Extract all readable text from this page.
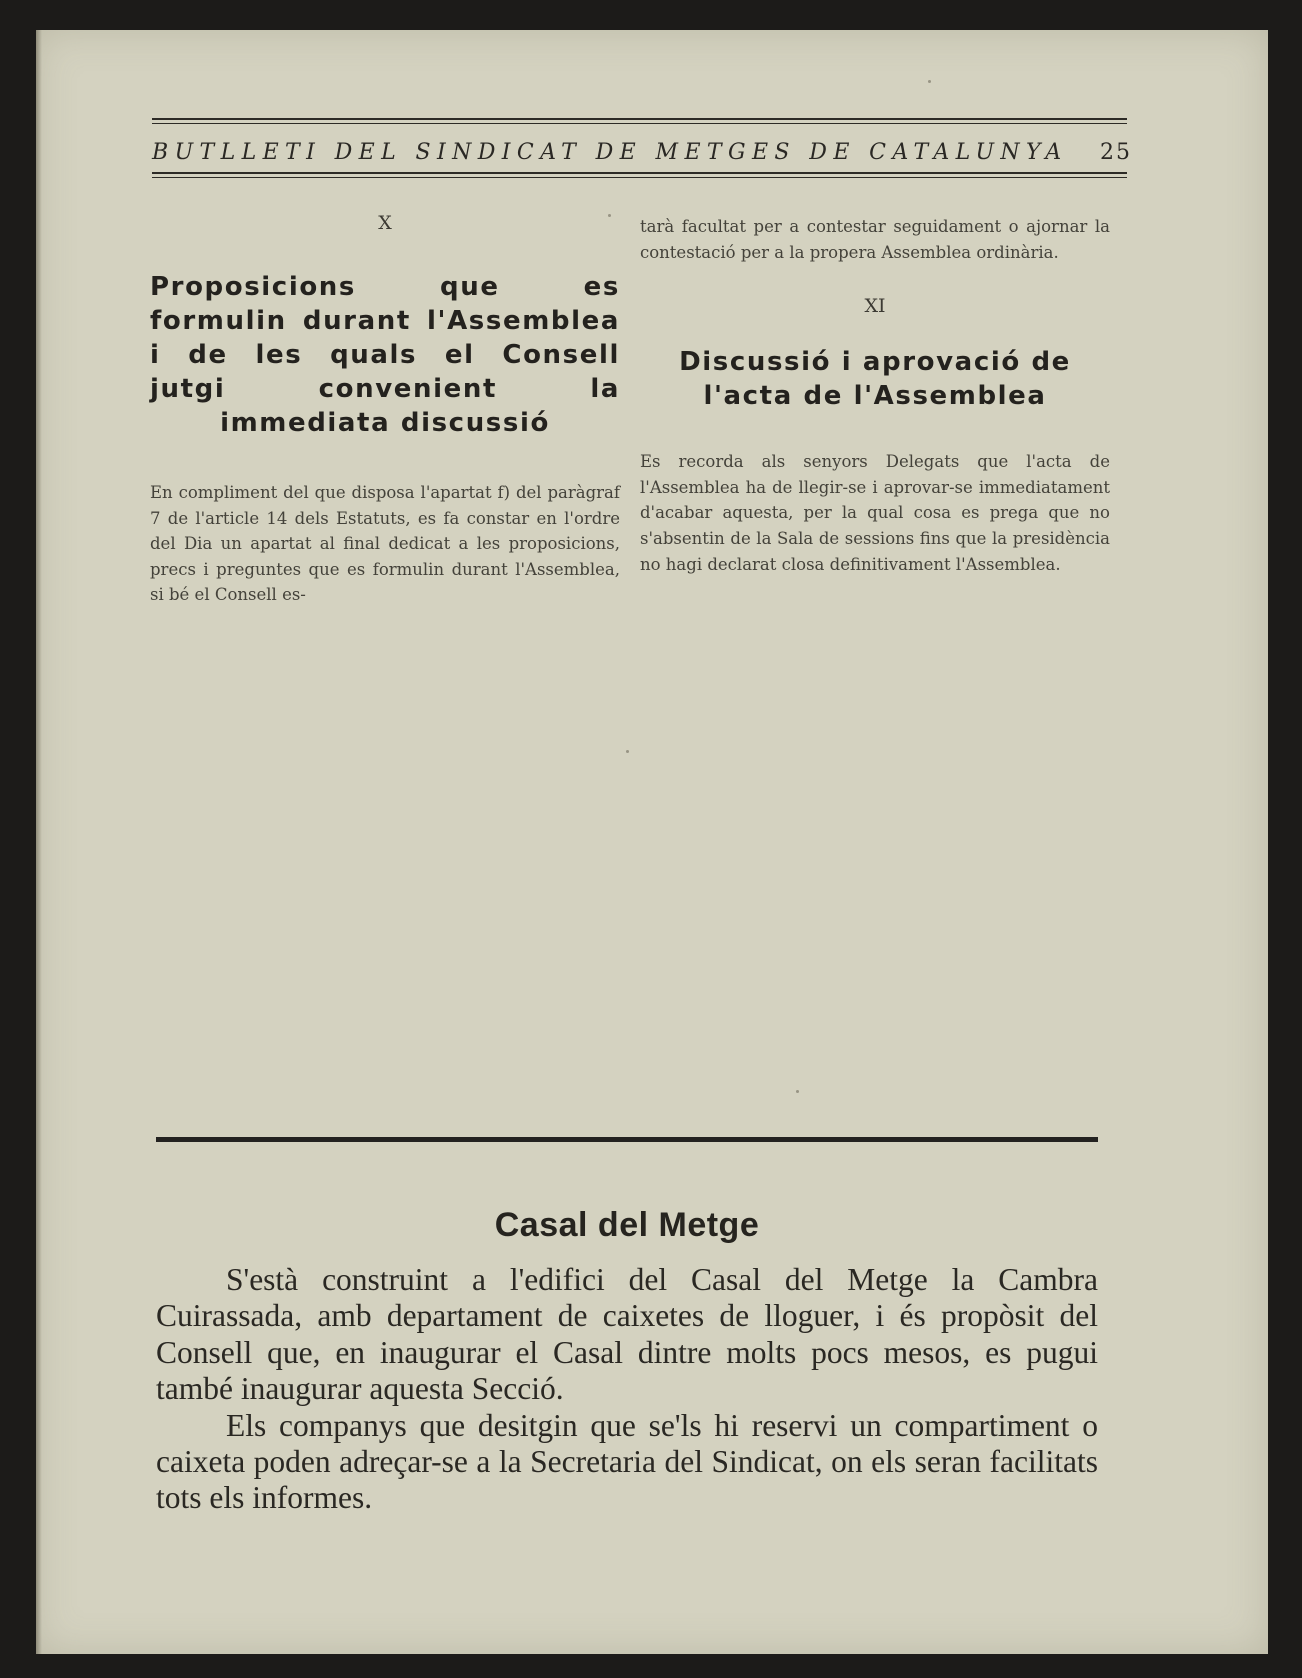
BUTLLETI DEL SINDICAT DE METGES DE CATALUNYA 25
X
Proposicions que es formulin durant l'Assemblea i de les quals el Consell jutgi convenient la immediata discussió

En compliment del que disposa l'apartat f) del paràgraf 7 de l'article 14 dels Estatuts, es fa constar en l'ordre del Dia un apartat al final dedicat a les proposicions, precs i preguntes que es formulin durant l'Assemblea, si bé el Consell es-

tarà facultat per a contestar seguidament o ajornar la contestació per a la propera Assemblea ordinària.

XI
Discussió i aprovació de l'acta de l'Assemblea

Es recorda als senyors Delegats que l'acta de l'Assemblea ha de llegir-se i aprovar-se immediatament d'acabar aquesta, per la qual cosa es prega que no s'absentin de la Sala de sessions fins que la presidència no hagi declarat closa definitivament l'Assemblea.

Casal del Metge

S'està construint a l'edifici del Casal del Metge la Cambra Cuirassada, amb departament de caixetes de lloguer, i és propòsit del Consell que, en inaugurar el Casal dintre molts pocs mesos, es pugui també inaugurar aquesta Secció.

Els companys que desitgin que se'ls hi reservi un compartiment o caixeta poden adreçar-se a la Secretaria del Sindicat, on els seran facilitats tots els informes.
